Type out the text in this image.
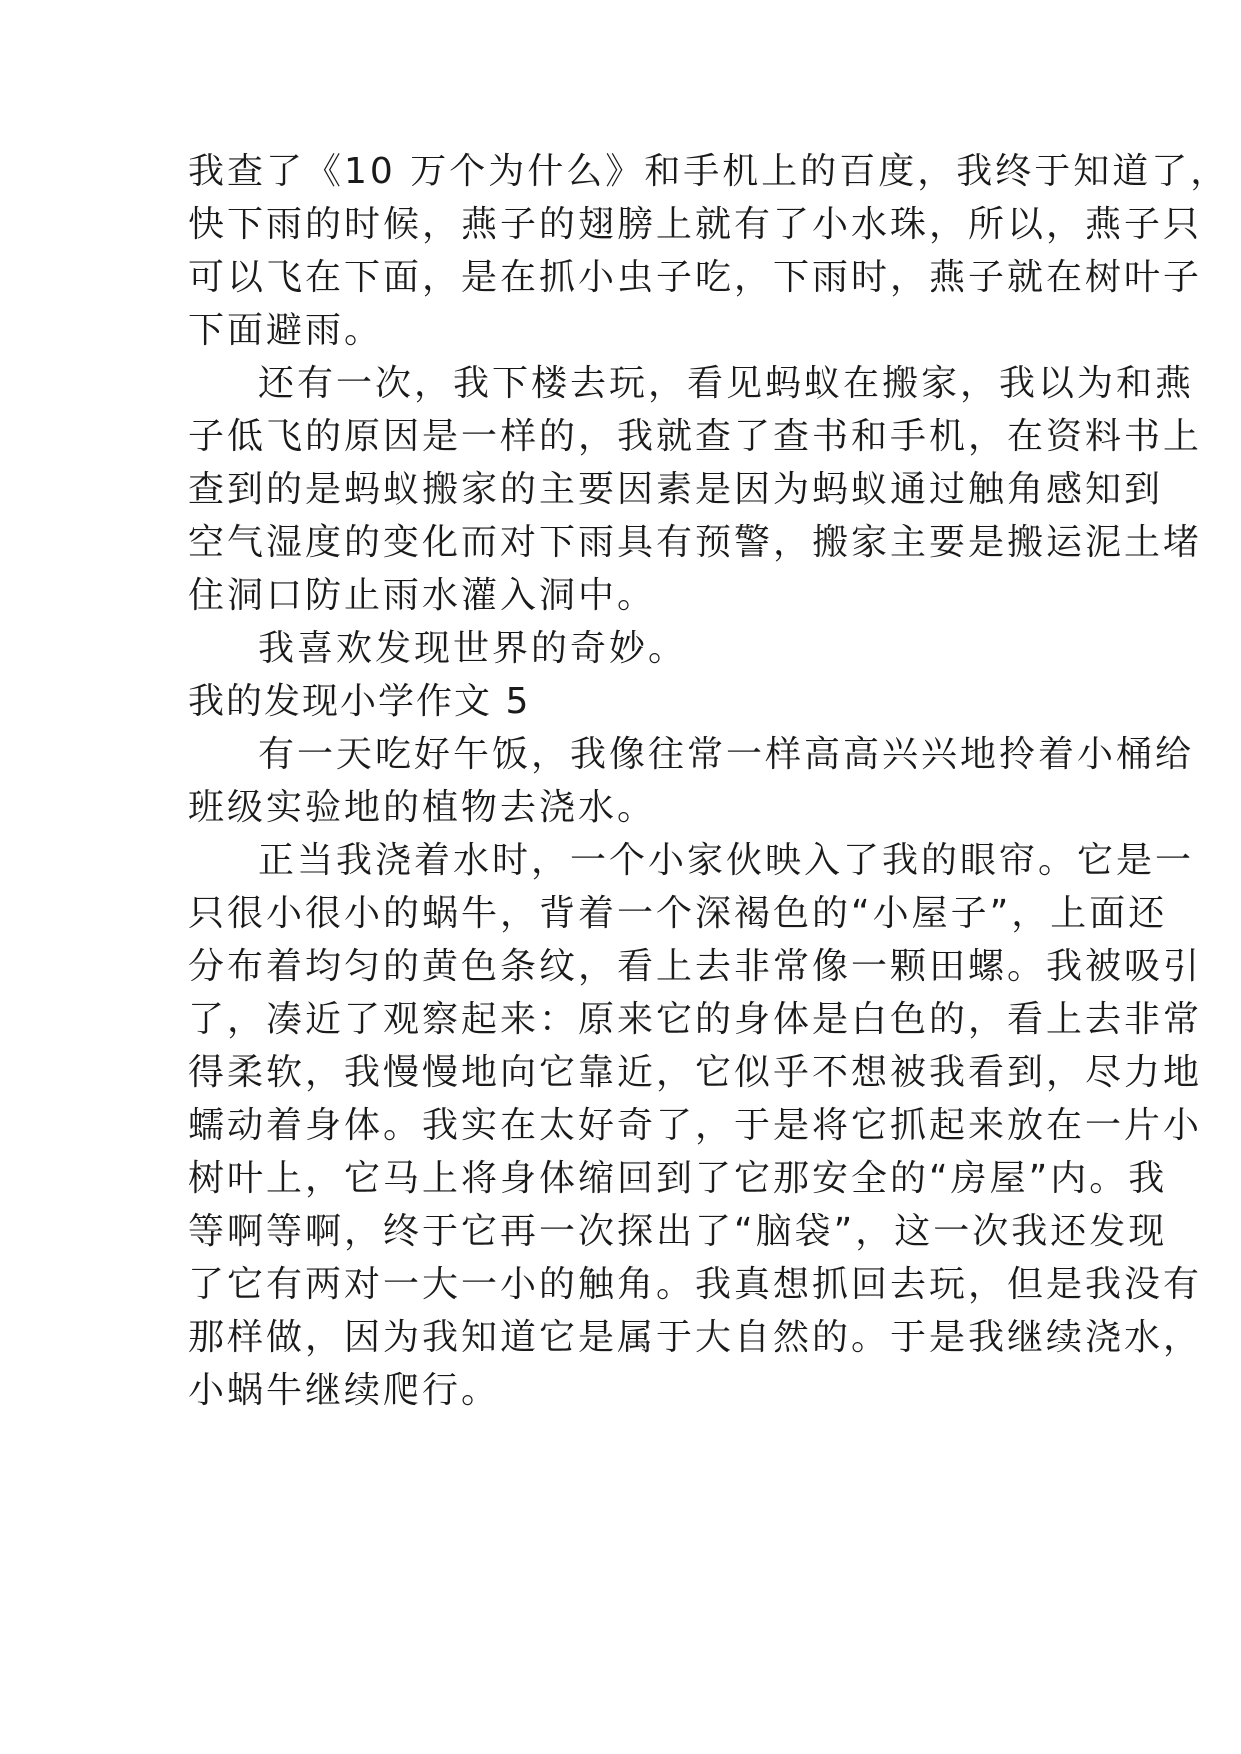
我查了《10 万个为什么》和手机上的百度，我终于知道了，
快下雨的时候，燕子的翅膀上就有了小水珠，所以，燕子只
可以飞在下面，是在抓小虫子吃，下雨时，燕子就在树叶子
下面避雨。
还有一次，我下楼去玩，看见蚂蚁在搬家，我以为和燕
子低飞的原因是一样的，我就查了查书和手机，在资料书上
查到的是蚂蚁搬家的主要因素是因为蚂蚁通过触角感知到
空气湿度的变化而对下雨具有预警，搬家主要是搬运泥土堵
住洞口防止雨水灌入洞中。
我喜欢发现世界的奇妙。
我的发现小学作文 5
有一天吃好午饭，我像往常一样高高兴兴地拎着小桶给
班级实验地的植物去浇水。
正当我浇着水时，一个小家伙映入了我的眼帘。它是一
只很小很小的蜗牛，背着一个深褐色的“小屋子”，上面还
分布着均匀的黄色条纹，看上去非常像一颗田螺。我被吸引
了，凑近了观察起来：原来它的身体是白色的，看上去非常
得柔软，我慢慢地向它靠近，它似乎不想被我看到，尽力地
蠕动着身体。我实在太好奇了，于是将它抓起来放在一片小
树叶上，它马上将身体缩回到了它那安全的“房屋”内。我
等啊等啊，终于它再一次探出了“脑袋”，这一次我还发现
了它有两对一大一小的触角。我真想抓回去玩，但是我没有
那样做，因为我知道它是属于大自然的。于是我继续浇水，
小蜗牛继续爬行。
